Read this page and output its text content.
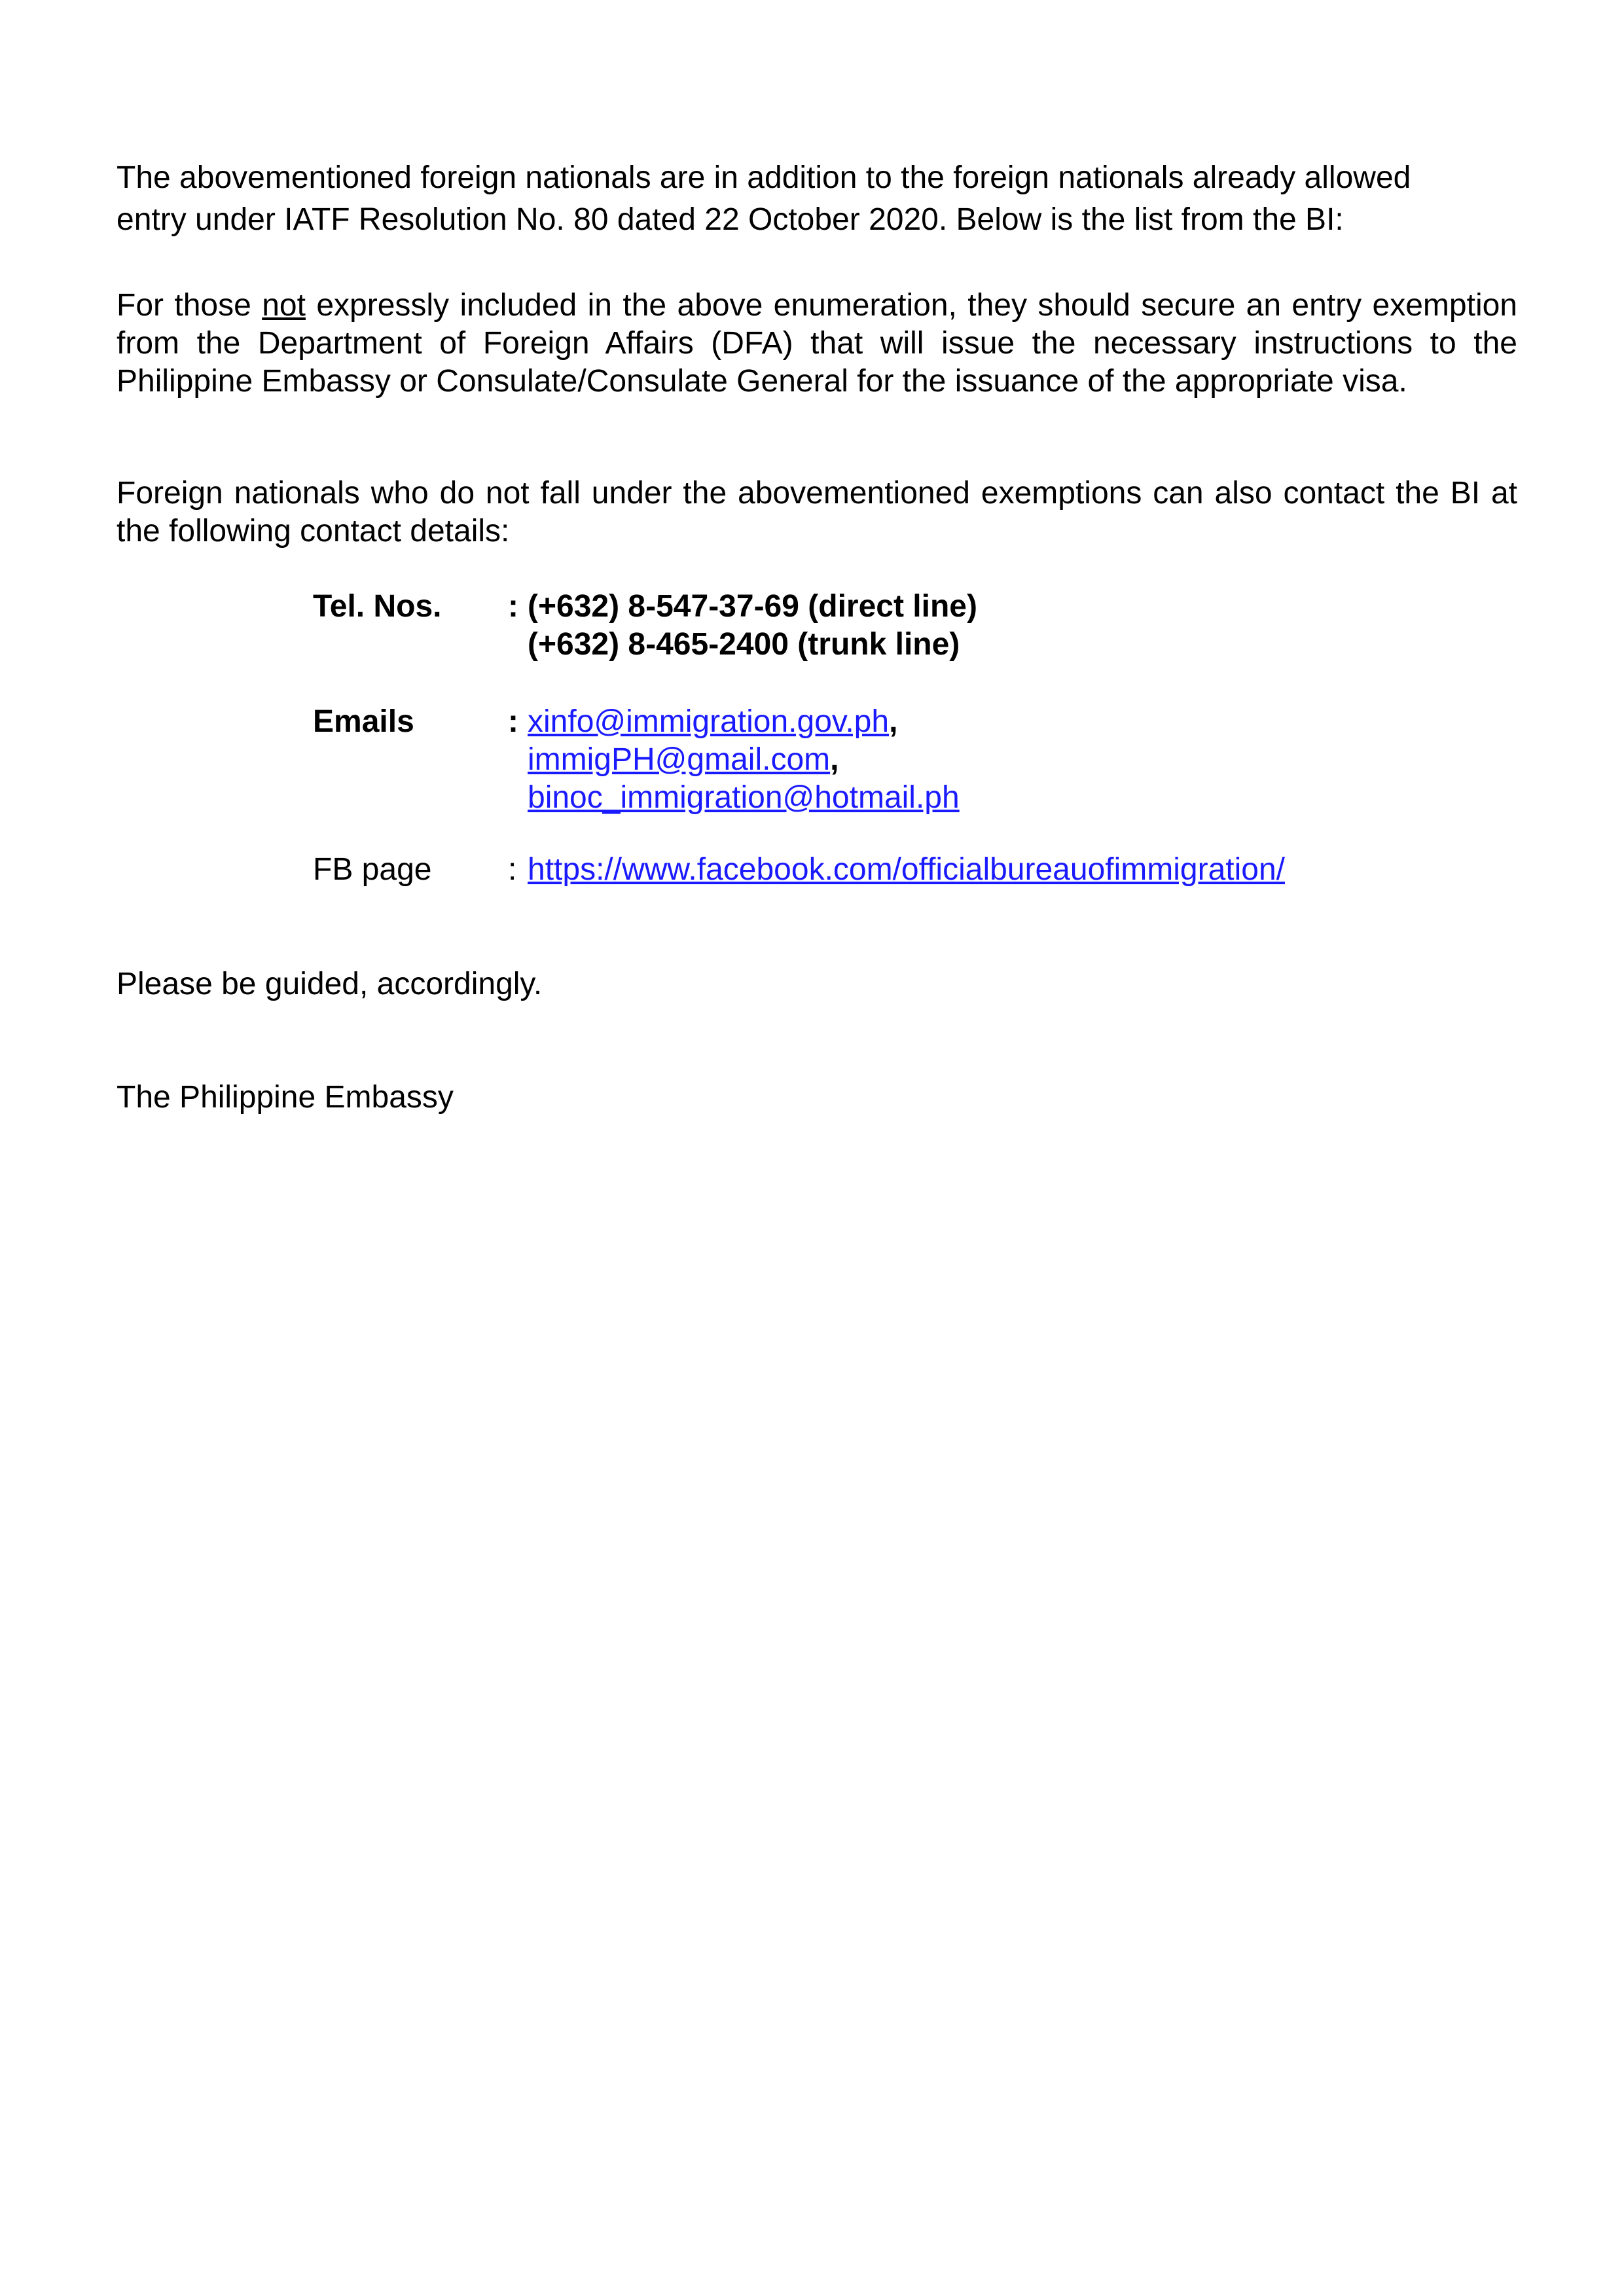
The abovementioned foreign nationals are in addition to the foreign nationals already allowed
entry under IATF Resolution No. 80 dated 22 October 2020. Below is the list from the BI:

For those not expressly included in the above enumeration, they should secure an entry exemption from the Department of Foreign Affairs (DFA) that will issue the necessary instructions to the Philippine Embassy or Consulate/Consulate General for the issuance of the appropriate visa.

Foreign nationals who do not fall under the abovementioned exemptions can also contact the BI at the following contact details:

Tel. Nos. : (+632) 8-547-37-69 (direct line)
(+632) 8-465-2400 (trunk line)
Emails	: xinfo@immigration.gov.ph,
immigPH@gmail.com,
binoc_immigration@hotmail.ph
FB page : https://www.facebook.com/officialbureauofimmigration/

Please be guided, accordingly.

The Philippine Embassy
